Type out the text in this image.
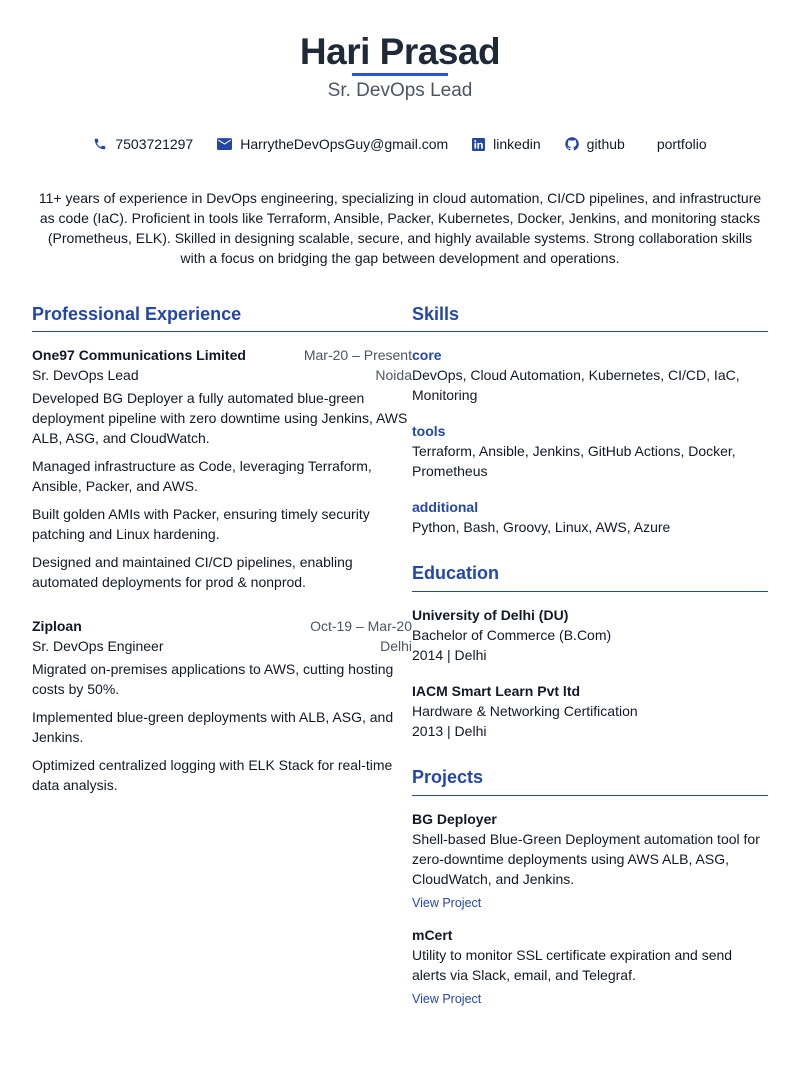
Hari Prasad
Sr. DevOps Lead
7503721297	HarrytheDevOpsGuy@gmail.com	linkedin	github portfolio

11+ years of experience in DevOps engineering, specializing in cloud automation, CI/CD pipelines, and infrastructure as code (IaC). Proficient in tools like Terraform, Ansible, Packer, Kubernetes, Docker, Jenkins, and monitoring stacks (Prometheus, ELK). Skilled in designing scalable, secure, and highly available systems. Strong collaboration skills with a focus on bridging the gap between development and operations.

Professional Experience
One97 Communications Limited	Mar-20 – Present
Sr. DevOps Lead	Noida

Developed BG Deployer a fully automated blue-green deployment pipeline with zero downtime using Jenkins, AWS ALB, ASG, and CloudWatch.

Managed infrastructure as Code, leveraging Terraform, Ansible, Packer, and AWS.

Built golden AMIs with Packer, ensuring timely security patching and Linux hardening.

Designed and maintained CI/CD pipelines, enabling automated deployments for prod & nonprod.

Ziploan	Oct-19 – Mar-20
Sr. DevOps Engineer	Delhi

Migrated on-premises applications to AWS, cutting hosting costs by 50%.

Implemented blue-green deployments with ALB, ASG, and Jenkins.

Optimized centralized logging with ELK Stack for real-time data analysis.

Skills
core
DevOps, Cloud Automation, Kubernetes, CI/CD, IaC, Monitoring
tools
Terraform, Ansible, Jenkins, GitHub Actions, Docker, Prometheus
additional
Python, Bash, Groovy, Linux, AWS, Azure
Education
University of Delhi (DU)
Bachelor of Commerce (B.Com)
2014 | Delhi
IACM Smart Learn Pvt ltd
Hardware & Networking Certification
2013 | Delhi
Projects
BG Deployer
Shell-based Blue-Green Deployment automation tool for zero-downtime deployments using AWS ALB, ASG, CloudWatch, and Jenkins.
View Project
mCert
Utility to monitor SSL certificate expiration and send alerts via Slack, email, and Telegraf.
View Project
